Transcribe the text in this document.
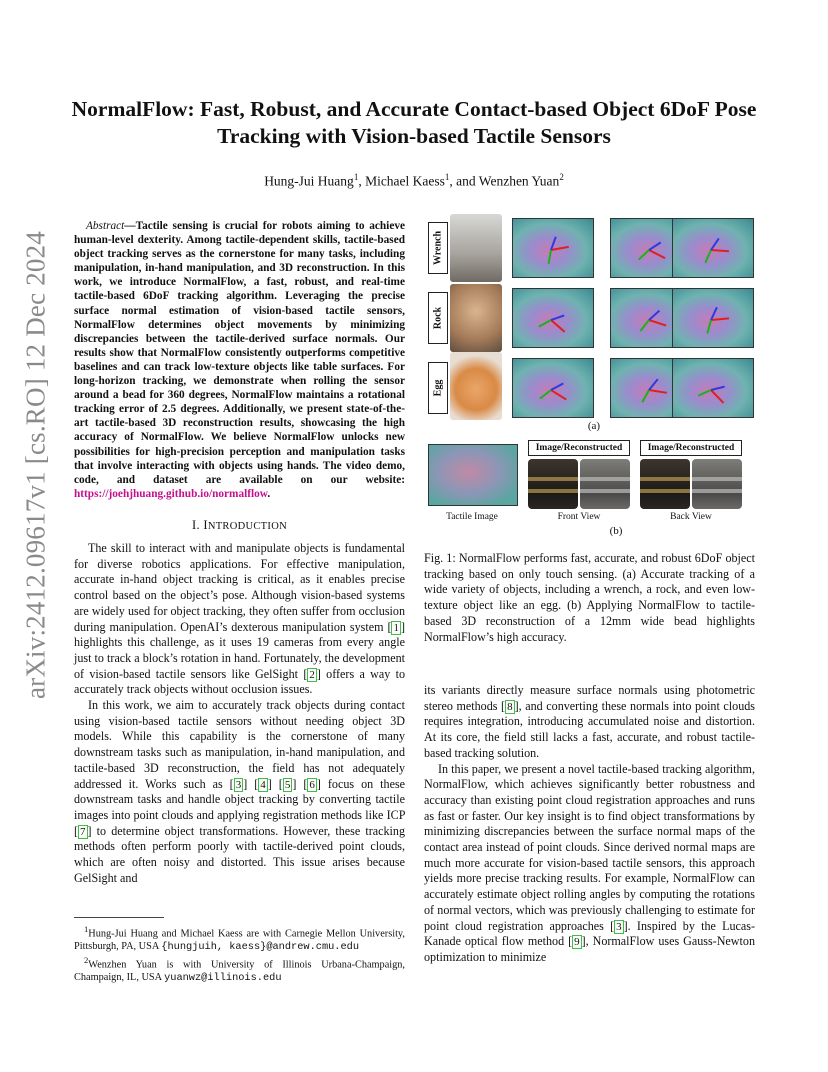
arXiv:2412.09617v1 [cs.RO] 12 Dec 2024
NormalFlow: Fast, Robust, and Accurate Contact-based Object 6DoF Pose Tracking with Vision-based Tactile Sensors
Hung-Jui Huang$^1$, Michael Kaess$^1$, and Wenzhen Yuan$^2$
Abstract—Tactile sensing is crucial for robots aiming to achieve human-level dexterity. Among tactile-dependent skills, tactile-based object tracking serves as the cornerstone for many tasks, including manipulation, in-hand manipulation, and 3D reconstruction. In this work, we introduce NormalFlow, a fast, robust, and real-time tactile-based 6DoF tracking algorithm. Leveraging the precise surface normal estimation of vision-based tactile sensors, NormalFlow determines object movements by minimizing discrepancies between the tactile-derived surface normals. Our results show that NormalFlow consistently outperforms competitive baselines and can track low-texture objects like table surfaces. For long-horizon tracking, we demonstrate when rolling the sensor around a bead for 360 degrees, NormalFlow maintains a rotational tracking error of 2.5 degrees. Additionally, we present state-of-the-art tactile-based 3D reconstruction results, showcasing the high accuracy of NormalFlow. We believe NormalFlow unlocks new possibilities for high-precision perception and manipulation tasks that involve interacting with objects using hands. The video demo, code, and dataset are available on our website: https://joehjhuang.github.io/normalflow.
I. INTRODUCTION

The skill to interact with and manipulate objects is fundamental for diverse robotics applications. For effective manipulation, accurate in-hand object tracking is critical, as it enables precise control based on the object’s pose. Although vision-based systems are widely used for object tracking, they often suffer from occlusion during manipulation. OpenAI’s dexterous manipulation system [ 1 ] highlights this challenge, as it uses 19 cameras from every angle just to track a block’s rotation in hand. Fortunately, the development of vision-based tactile sensors like GelSight [ 2 ] offers a way to accurately track objects without occlusion issues.

In this work, we aim to accurately track objects during contact using vision-based tactile sensors without needing object 3D models. While this capability is the cornerstone of many downstream tasks such as manipulation, in-hand manipulation, and tactile-based 3D reconstruction, the field has not adequately addressed it. Works such as [ 3 ] [ 4 ] [ 5 ] [ 6 ] focus on these downstream tasks and handle object tracking by converting tactile images into point clouds and applying registration methods like ICP [ 7 ] to determine object transformations. However, these tracking methods often perform poorly with tactile-derived point clouds, which are often noisy and distorted. This issue arises because GelSight and

$^1$Hung-Jui Huang and Michael Kaess are with Carnegie Mellon University, Pittsburgh, PA, USA {hungjuih, kaess}@andrew.cmu.edu
$^2$Wenzhen Yuan is with University of Illinois Urbana-Champaign, Champaign, IL, USA yuanwz@illinois.edu
Wrench
Rock
Egg
(a)
Image/Reconstructed	Image/Reconstructed
Tactile Image	Front View	Back View
(b)
Fig. 1: NormalFlow performs fast, accurate, and robust 6DoF object tracking based on only touch sensing. (a) Accurate tracking of a wide variety of objects, including a wrench, a rock, and even low-texture object like an egg. (b) Applying NormalFlow to tactile-based 3D reconstruction of a 12mm wide bead highlights NormalFlow’s high accuracy.

its variants directly measure surface normals using photometric stereo methods [ 8 ], and converting these normals into point clouds requires integration, introducing accumulated noise and distortion. At its core, the field still lacks a fast, accurate, and robust tactile-based tracking solution.

In this paper, we present a novel tactile-based tracking algorithm, NormalFlow, which achieves significantly better robustness and accuracy than existing point cloud registration approaches and runs as fast or faster. Our key insight is to find object transformations by minimizing discrepancies between the surface normal maps of the contact area instead of point clouds. Since derived normal maps are much more accurate for vision-based tactile sensors, this approach yields more precise tracking results. For example, NormalFlow can accurately estimate object rolling angles by computing the rotations of normal vectors, which was previously challenging to estimate for point cloud registration approaches [ 3 ]. Inspired by the Lucas-Kanade optical flow method [ 9 ], NormalFlow uses Gauss-Newton optimization to minimize
